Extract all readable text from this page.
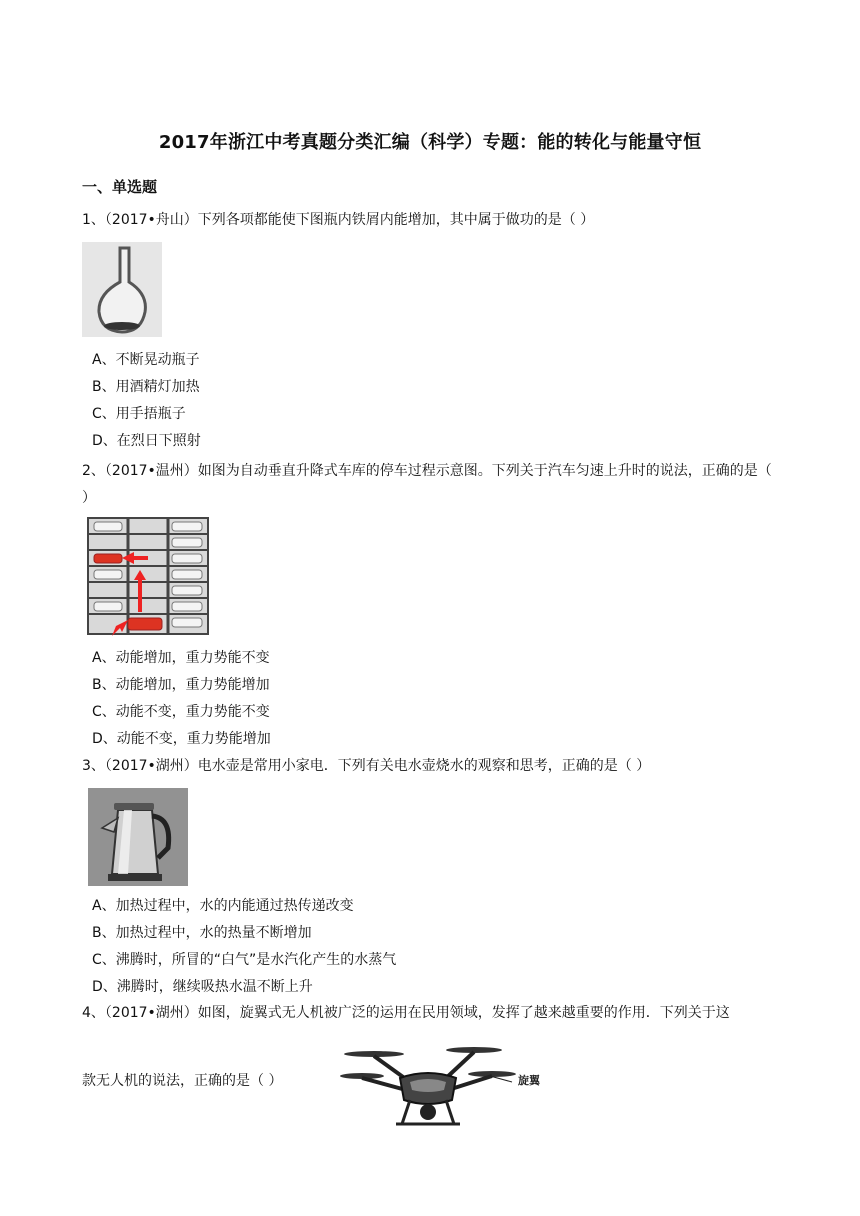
2017年浙江中考真题分类汇编（科学）专题：能的转化与能量守恒
一、单选题
1、（2017•舟山）下列各项都能使下图瓶内铁屑内能增加，其中属于做功的是（ ）
A、不断晃动瓶子
B、用酒精灯加热
C、用手捂瓶子
D、在烈日下照射
2、（2017•温州）如图为自动垂直升降式车库的停车过程示意图。下列关于汽车匀速上升时的说法，正确的是（ ）
A、动能增加，重力势能不变
B、动能增加，重力势能增加
C、动能不变，重力势能不变
D、动能不变，重力势能增加
3、（2017•湖州）电水壶是常用小家电．下列有关电水壶烧水的观察和思考，正确的是（ ）
A、加热过程中，水的内能通过热传递改变
B、加热过程中，水的热量不断增加
C、沸腾时，所冒的“白气”是水汽化产生的水蒸气
D、沸腾时，继续吸热水温不断上升
4、（2017•湖州）如图，旋翼式无人机被广泛的运用在民用领域，发挥了越来越重要的作用．下列关于这
款无人机的说法，正确的是（ ）	旋翼
